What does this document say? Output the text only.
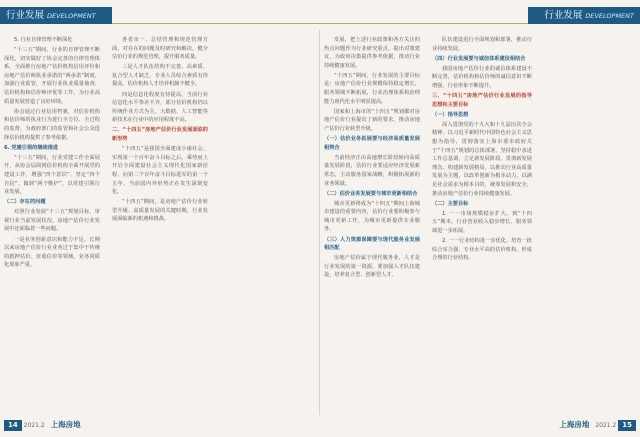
行业发展 DEVELOPMENT	行业发展 DEVELOPMENT

5. 行业自律管理不断深化

“十三五”期间，行业的自律管理不断深化，切实做好了协会完善的自律管理体系，全面推行房地产估价机构信用评价和房地产估价师执业承诺的“两承诺”制度，加强行业监管，开展行业执业质量抽查、估价机构和估价师评优等工作，为行业高质量发展营造了良好环境。

协会通过行业信用档案，对估价机构和估价师的执业行为进行全方位、全过程的监督，为政府部门的监管和社会公众选择估价机构提供了参考依据。

6. 党建引领的继续推进

“十三五”期间，行业党建工作全面展开，从协会层面到估价机构全面开展党的建设工作，增强“四个意识”、坚定“四个自信”、做到“两个维护”，以党建引领行业发展。

（二）存在的问题

对照行业发展“十三五”规划目标，审视行业当前发展状况，房地产估价行业发展中还面临着一些问题。

一是业务创新意识和能力不足。长期以来房地产估价行业业务过于集中于传统的抵押估价、征收估价等领域，业务同质化现象严重。

各省市一、总结管理和规范管理方面，对存在的问题及时研究和解决，健全估价行业的规范管理，提升服务质量。

三是人才队伍结构不完善。高素质、复合型人才缺乏，专业人员综合素质有待提高，估价机构人才培养机制不健全。

四是信息化程度有待提高。当前行业信息化水平参差不齐，部分估价机构仍以传统作业方式为主，大数据、人工智能等新技术在行业中的应用程度不高。

二、“十四五”房地产估价行业发展面临的新形势

“十四五”是我国全面建成小康社会、实现第一个百年奋斗目标之后，乘势而上开启全面建设社会主义现代化国家新征程、向第二个百年奋斗目标进军的第一个五年。当前国内外形势正在发生深刻变化。

“十四五”期间，是房地产估价行业转型升级、高质量发展的关键时期，行业发展面临新的机遇和挑战。

发展，把上述行业政策和各方关注的热点问题作为行业研究重点，提出对策建议，为政府决策提供参考依据，推动行业持续健康发展。

“十四五”期间，行业发展的主要目标是：房地产估价行业规模保持稳定增长，服务领域不断拓展，行业治理体系和治理能力现代化水平明显提高。

国家和上海市的“十四五”规划都对房地产估价行业提出了新的要求，推动房地产估价行业转型升级。

（一）估价业务拓展要与经济高质量发展相契合

当前经济正由高速增长阶段转向高质量发展阶段，估价行业要适应经济发展新常态，主动服务国家战略，积极拓展新的业务领域。

（二）估价业务发展要与城市更新相结合

城市更新将成为“十四五”期间上海城市建设的重要内容，估价行业要积极参与城市更新工作，为城市更新提供专业服务。

（三）人力资源保障要与现代服务业发展相匹配

房地产估价属于现代服务业，人才是行业发展的第一资源，要加强人才队伍建设，培养复合型、创新型人才。

队伍建设进行全面规划和部署，推动行业持续发展。

（四）行业发展要与诚信体系建设相结合

我国房地产估价行业的诚信体系建设不断完善，估价机构和估价师的诚信意识不断增强，行业形象不断提升。

三、“十四五”房地产估价行业发展的指导思想和主要目标

（一）指导思想

深入贯彻党的十九大和十九届历次全会精神，以习近平新时代中国特色社会主义思想为指导，贯彻落实上海市委市政府关于“十四五”规划的总体部署，坚持稳中求进工作总基调，立足新发展阶段、贯彻新发展理念、构建新发展格局，以推动行业高质量发展为主题，以改革创新为根本动力，以满足社会需求为根本目的，统筹发展和安全，推动房地产估价行业持续健康发展。

（二）主要目标

1. 一一市场规模稳步扩大。到“十四五”期末，行业营业收入稳步增长，服务领域进一步拓展。

2. 一一行业结构进一步优化。培育一批综合实力强、专业水平高的估价机构，形成合理的行业结构。

14 2021.2 上海房地	上海房地 2021.2 15
